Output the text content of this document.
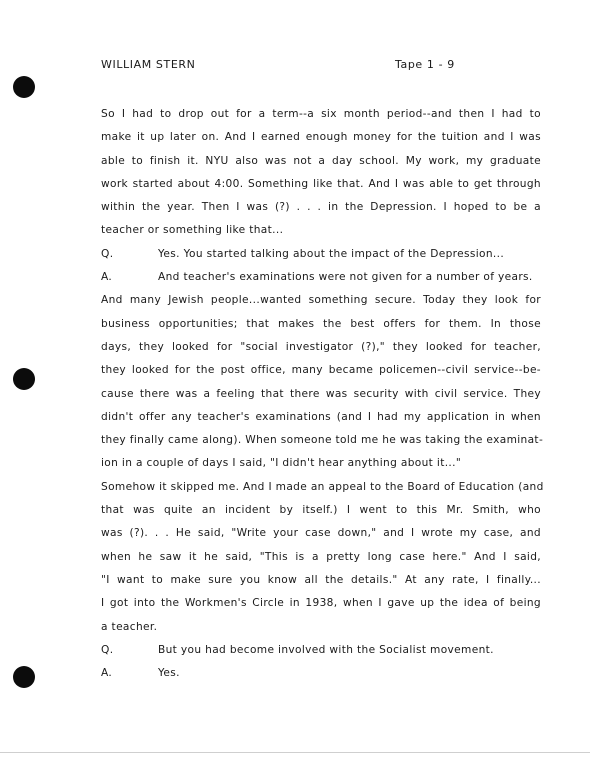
WILLIAM STERN	Tape 1 - 9
So I had to drop out for a term--a six month period--and then I had to
make it up later on. And I earned enough money for the tuition and I was
able to finish it. NYU also was not a day school. My work, my graduate
work started about 4:00. Something like that. And I was able to get through
within the year. Then I was (?) . . . in the Depression. I hoped to be a
teacher or something like that...
Q.	Yes. You started talking about the impact of the Depression...
A.	And teacher's examinations were not given for a number of years.
And many Jewish people...wanted something secure. Today they look for
business opportunities; that makes the best offers for them. In those
days, they looked for "social investigator (?)," they looked for teacher,
they looked for the post office, many became policemen--civil service--be-
cause there was a feeling that there was security with civil service. They
didn't offer any teacher's examinations (and I had my application in when
they finally came along). When someone told me he was taking the examinat-
ion in a couple of days I said, "I didn't hear anything about it..."
Somehow it skipped me. And I made an appeal to the Board of Education (and
that was quite an incident by itself.) I went to this Mr. Smith, who
was (?). . . He said, "Write your case down," and I wrote my case, and
when he saw it he said, "This is a pretty long case here." And I said,
"I want to make sure you know all the details." At any rate, I finally...
I got into the Workmen's Circle in 1938, when I gave up the idea of being
a teacher.
Q.	But you had become involved with the Socialist movement.
A.	Yes.
